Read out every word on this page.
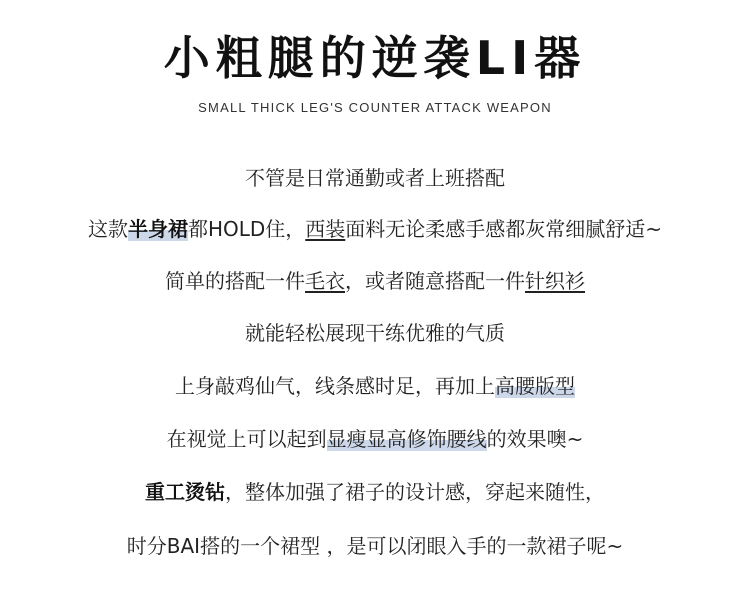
小粗腿的逆袭LI器
SMALL THICK LEG'S COUNTER ATTACK WEAPON
不管是日常通勤或者上班搭配
这款半身裙都HOLD住，西装面料无论柔感手感都灰常细腻舒适~
简单的搭配一件毛衣，或者随意搭配一件针织衫
就能轻松展现干练优雅的气质
上身敲鸡仙气，线条感时足，再加上高腰版型
在视觉上可以起到显瘦显高修饰腰线的效果噢~
重工烫钻，整体加强了裙子的设计感，穿起来随性，
时分BAI搭的一个裙型 ，是可以闭眼入手的一款裙子呢~
